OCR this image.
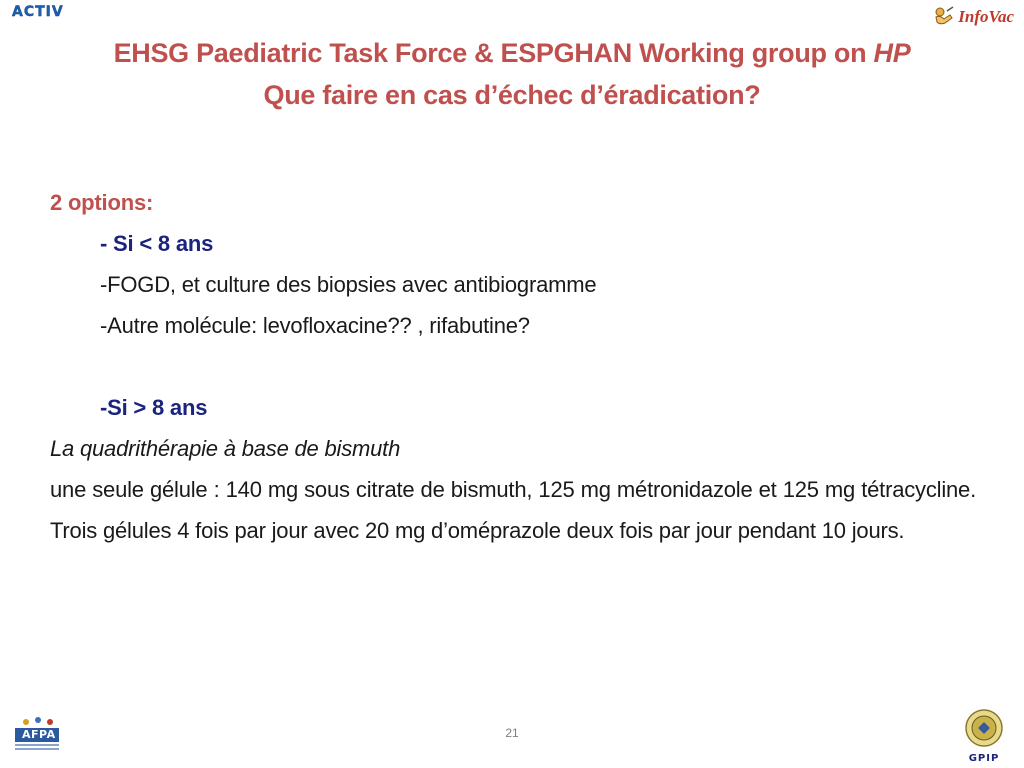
ACTIV	InfoVac
EHSG Paediatric Task Force & ESPGHAN Working group on HP
Que faire en cas d’échec d’éradication?
2 options:
- Si < 8 ans
-FOGD, et culture des biopsies avec antibiogramme
-Autre molécule: levofloxacine?? , rifabutine?
-Si > 8 ans
La quadrithérapie à base de bismuth
une seule gélule : 140 mg sous citrate de bismuth, 125 mg métronidazole et 125 mg tétracycline. Trois gélules 4 fois par jour avec 20 mg d’oméprazole deux fois par jour pendant 10 jours.
AFPA	21
GPIP
